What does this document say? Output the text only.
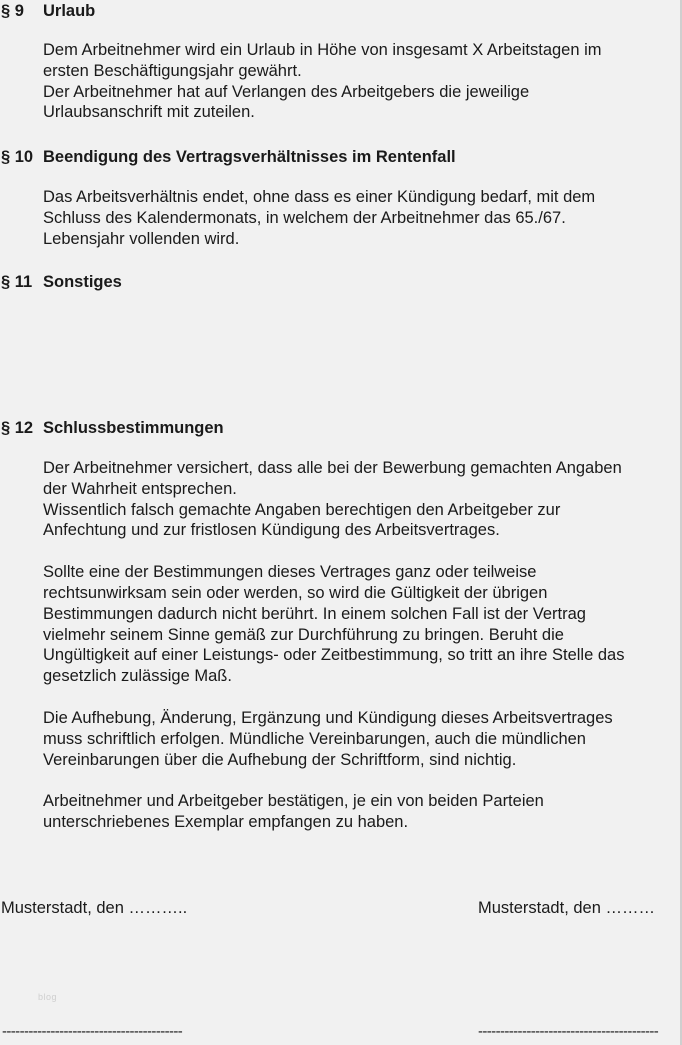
§ 9	Urlaub

Dem Arbeitnehmer wird ein Urlaub in Höhe von insgesamt X Arbeitstagen im
ersten Beschäftigungsjahr gewährt.
Der Arbeitnehmer hat auf Verlangen des Arbeitgebers die jeweilige
Urlaubsanschrift mit zuteilen.

§ 10 Beendigung des Vertragsverhältnisses im Rentenfall

Das Arbeitsverhältnis endet, ohne dass es einer Kündigung bedarf, mit dem
Schluss des Kalendermonats, in welchem der Arbeitnehmer das 65./67.
Lebensjahr vollenden wird.

§ 11 Sonstiges
§ 12 Schlussbestimmungen

Der Arbeitnehmer versichert, dass alle bei der Bewerbung gemachten Angaben
der Wahrheit entsprechen.
Wissentlich falsch gemachte Angaben berechtigen den Arbeitgeber zur
Anfechtung und zur fristlosen Kündigung des Arbeitsvertrages.

Sollte eine der Bestimmungen dieses Vertrages ganz oder teilweise
rechtsunwirksam sein oder werden, so wird die Gültigkeit der übrigen
Bestimmungen dadurch nicht berührt. In einem solchen Fall ist der Vertrag
vielmehr seinem Sinne gemäß zur Durchführung zu bringen. Beruht die
Ungültigkeit auf einer Leistungs- oder Zeitbestimmung, so tritt an ihre Stelle das
gesetzlich zulässige Maß.

Die Aufhebung, Änderung, Ergänzung und Kündigung dieses Arbeitsvertrages
muss schriftlich erfolgen. Mündliche Vereinbarungen, auch die mündlichen
Vereinbarungen über die Aufhebung der Schriftform, sind nichtig.

Arbeitnehmer und Arbeitgeber bestätigen, je ein von beiden Parteien
unterschriebenes Exemplar empfangen zu haben.

Musterstadt, den ………..	Musterstadt, den ………
blog
-----------------------------------------	-----------------------------------------
